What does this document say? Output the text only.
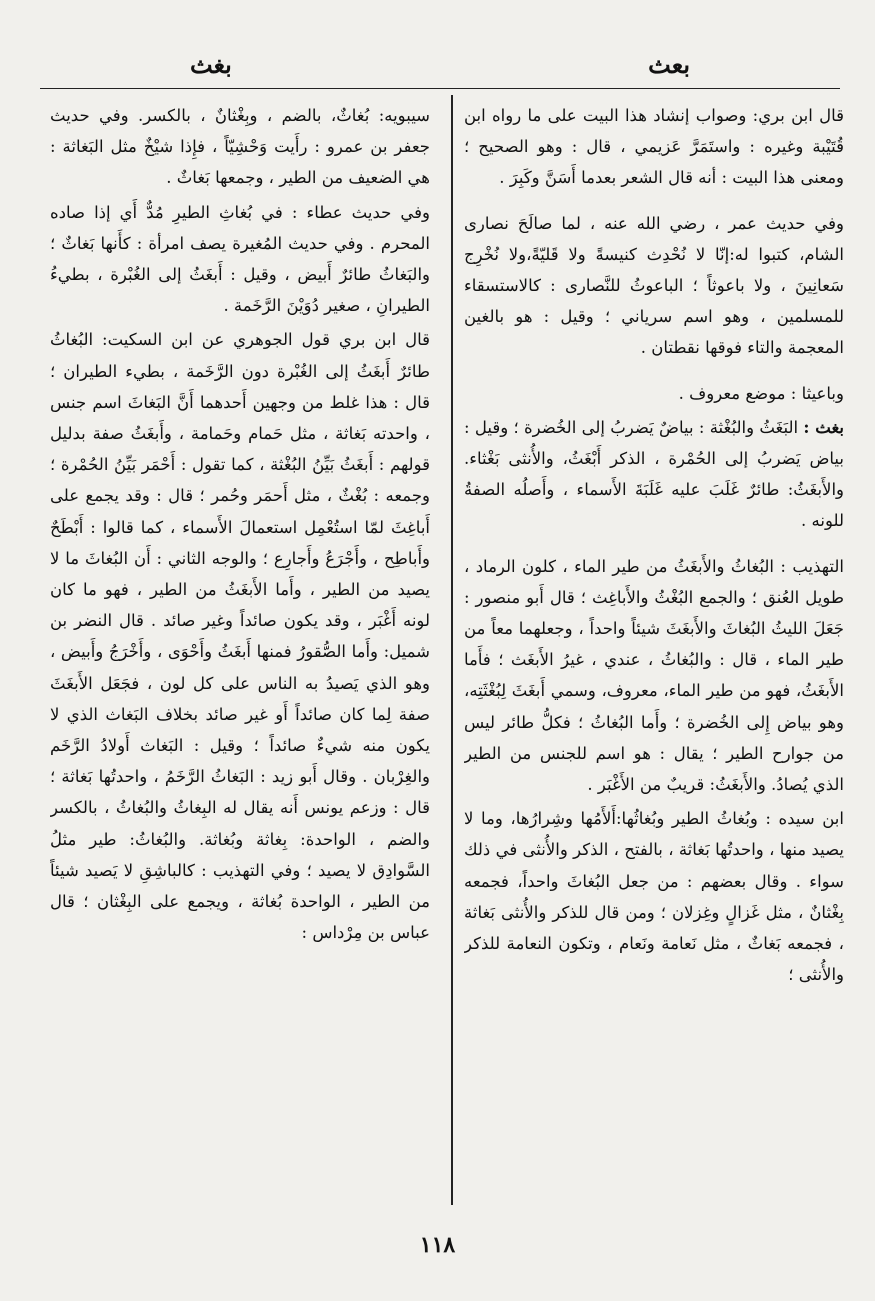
بعث
بغث

قال ابن بري: وصواب إنشاد هذا البيت على ما رواه ابن قُتَيْبة وغيره : واستَمَرَّ عَزيمي ، قال : وهو الصحيح ؛ ومعنى هذا البيت : أنه قال الشعر بعدما أَسَنَّ وكَبِرَ .

وفي حديث عمر ، رضي الله عنه ، لما صالَحَ نصارى الشام، كتبوا له:إنّا لا نُحْدِث كنيسةً ولا قَليّةً،ولا نُخْرِج سَعانِينَ ، ولا باعوثاً ؛ الباعوثُ للنَّصارى : كالاستسقاء للمسلمين ، وهو اسم سرياني ؛ وقيل : هو بالغين المعجمة والتاء فوقها نقطتان .

وباعيثا : موضع معروف .

بغث : البَغَثُ والبُغْثة : بياضٌ يَضربُ إلى الخُضرة ؛ وقيل : بياض يَضربُ إلى الحُمْرة ، الذكر أَبْغَثُ، والأُنثى بَغْثاء. والأَبغَثُ: طائرٌ غَلَبَ عليه غَلَبَةَ الأَسماء ، وأَصلُه الصفةُ للونه .

التهذيب : البُغاثُ والأَبغَثُ من طير الماء ، كلون الرماد ، طويل العُنق ؛ والجمع البُغْثُ والأَباغِث ؛ قال أَبو منصور : جَعَلَ الليثُ البُغاثَ والأَبغَثَ شيئاً واحداً ، وجعلهما معاً من طير الماء ، قال : والبُغاثُ ، عندي ، غيرُ الأَبغَث ؛ فأَما الأَبغَثُ، فهو من طير الماء، معروف، وسمي أَبغَثَ لِبُغْثَتِه، وهو بياض إِلى الخُضرة ؛ وأَما البُغاثُ ؛ فكلُّ طائر ليس من جوارح الطير ؛ يقال : هو اسم للجنس من الطير الذي يُصادُ. والأَبغَثُ: قريبٌ من الأَغْبَر .

ابن سيده : وبُغاثُ الطير وبُغاثُها:أَلأَمُها وشِرارُها، وما لا يصيد منها ، واحدتُها بَغاثة ، بالفتح ، الذكر والأُنثى في ذلك سواء . وقال بعضهم : من جعل البُغاثَ واحداً، فجمعه بِغْثانٌ ، مثل غَزالٍ وغِزلان ؛ ومن قال للذكر والأُنثى بَغاثة ، فجمعه بَغاثٌ ، مثل نَعامة ونَعام ، وتكون النعامة للذكر والأُنثى ؛

سيبويه: بُغاثٌ، بالضم ، وبِغْثانٌ ، بالكسر. وفي حديث جعفر بن عمرو : رأَيت وَحْشِيّاً ، فإِذا شيْخٌ مثل البَغاثة : هي الضعيف من الطير ، وجمعها بَغاثٌ .

وفي حديث عطاء : في بُغاثِ الطيرِ مُدٌّ أَي إذا صاده المحرم . وفي حديث المُغيرة يصف امرأة : كأَنها بَغاثٌ ؛ والبَغاثُ طائرٌ أَبيض ، وقيل : أَبغَثُ إلى الغُبْرة ، بطيءُ الطيرانِ ، صغير دُوَيْنَ الرَّخَمة .

قال ابن بري قول الجوهري عن ابن السكيت: البُغاثُ طائرٌ أَبغَثُ إلى الغُبْرة دون الرَّخَمة ، بطيء الطيران ؛ قال : هذا غلط من وجهين أَحدهما أَنَّ البَغاثَ اسم جنس ، واحدته بَغاثة ، مثل حَمام وحَمامة ، وأَبغَثُ صفة بدليل قولهم : أَبغَثُ بَيِّنُ البُغْثة ، كما تقول : أَحْمَر بَيِّنُ الحُمْرة ؛ وجمعه : بُغْثٌ ، مثل أَحمَر وحُمر ؛ قال : وقد يجمع على أَباغِثَ لمّا استُعْمِل استعمالَ الأَسماء ، كما قالوا : أَبْطَحٌ وأَباطِح ، وأَجْرَعُ وأَجارِع ؛ والوجه الثاني : أَن البُغاثَ ما لا يصيد من الطير ، وأَما الأَبغَثُ من الطير ، فهو ما كان لونه أَغْبَر ، وقد يكون صائداً وغير صائد . قال النضر بن شميل: وأَما الصُّقورُ فمنها أَبغَثُ وأَحْوَى ، وأَخْرَجُ وأَبيض ، وهو الذي يَصيدُ به الناس على كل لون ، فجَعَل الأَبغَثَ صفة لِما كان صائداً أَو غير صائد بخلاف البَغاث الذي لا يكون منه شيءٌ صائداً ؛ وقيل : البَغاث أَولادُ الرَّخَم والغِرْبان . وقال أَبو زيد : البَغاثُ الرَّخَمُ ، واحدتُها بَغاثة ؛ قال : وزعم يونس أَنه يقال له البِغاثُ والبُغاثُ ، بالكسر والضم ، الواحدة: بِغاثة وبُغاثة. والبُغاثُ: طير مثلُ السَّوادِق لا يصيد ؛ وفي التهذيب : كالباشِقِ لا يَصيد شيئاً من الطير ، الواحدة بُغاثة ، ويجمع على البِغْثان ؛ قال عباس بن مِرْداس :

١١٨
